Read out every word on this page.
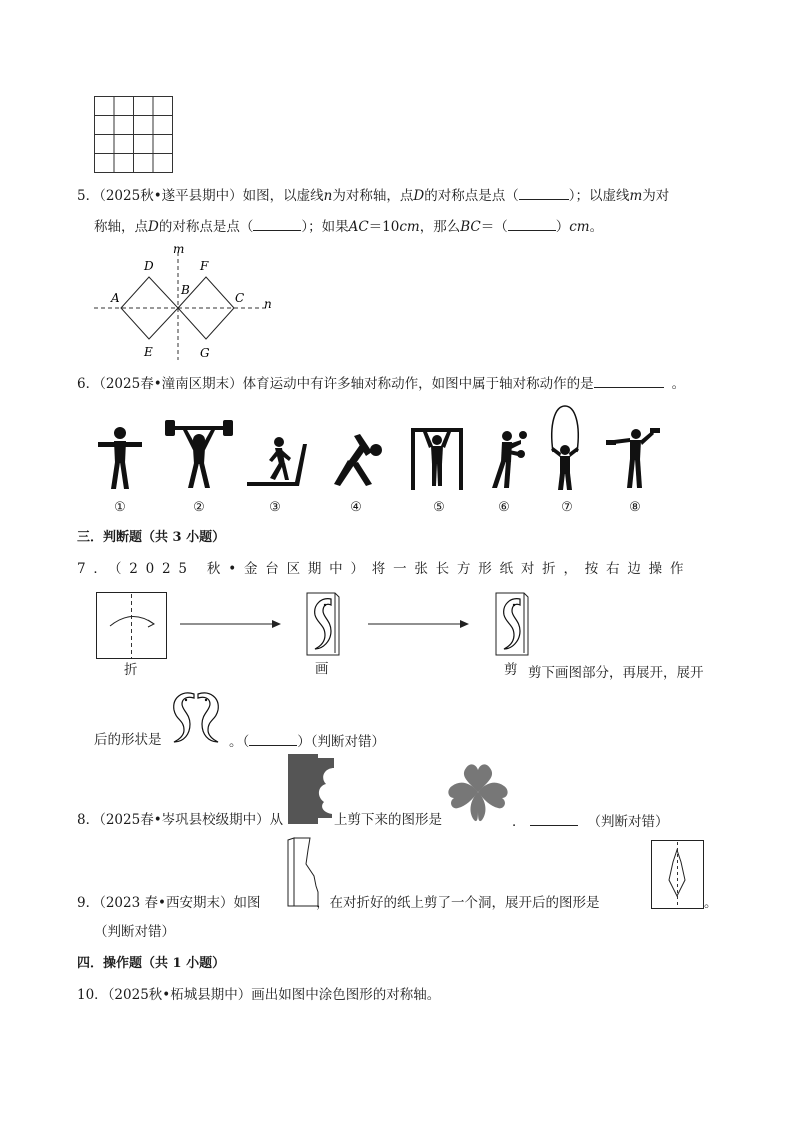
5．（2025秋•遂平县期中）如图，以虚线n为对称轴，点D的对称点是点（	）；以虚线m为对
称轴，点D的对称点是点（	）；如果AC＝10cm，那么BC＝（	）cm。
m
n
D	F
A
B
C
E	G
6．（2025春•潼南区期末）体育运动中有许多轴对称动作，如图中属于轴对称动作的是	。
①	②	③	④	⑤	⑥	⑦	⑧
三．判断题（共 3 小题）
7．（2025 秋•金台区期中）将一张长方形纸对折，按右边操作
折	画	剪 剪下画图部分，再展开，展开
后的形状是	。（	）（判断对错）
8．（2025春•岑巩县校级期中）从	上剪下来的图形是	．	（判断对错）
9．（2023 春•西安期末）如图	，在对折好的纸上剪了一个洞，展开后的图形是	。
（判断对错）
四．操作题（共 1 小题）
10．（2025秋•柘城县期中）画出如图中涂色图形的对称轴。
